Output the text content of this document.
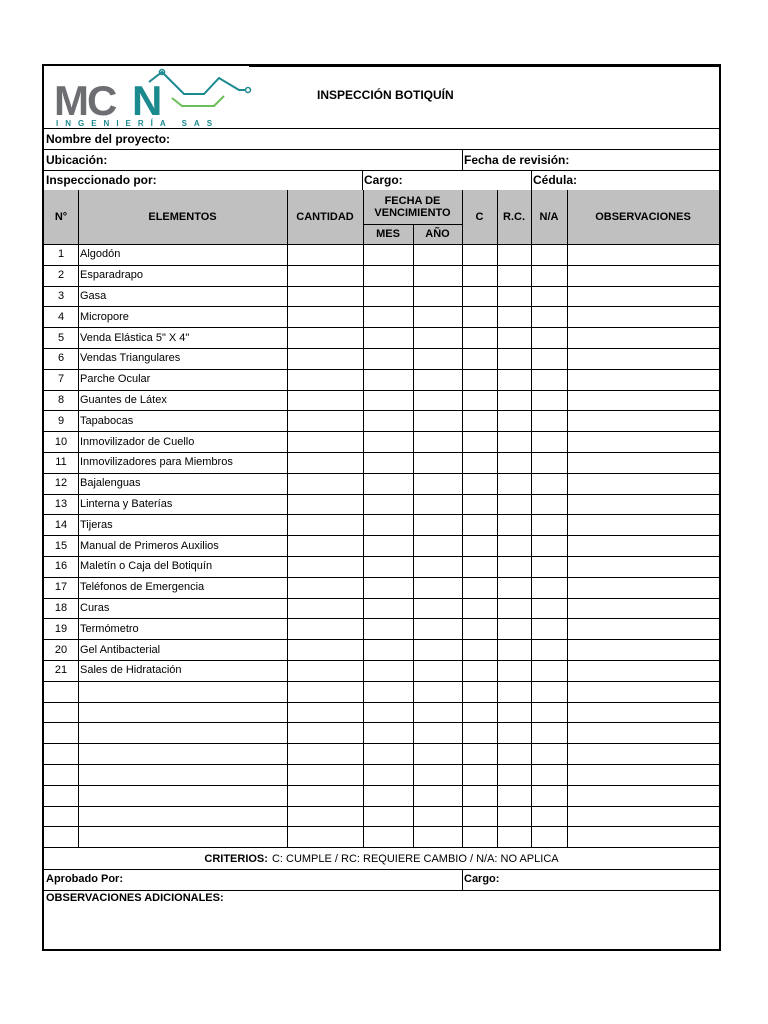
MC N
INGENIERÍA SAS
INSPECCIÓN BOTIQUÍN
Nombre del proyecto:
Ubicación:	Fecha de revisión:
Inspeccionado por:	Cargo:	Cédula:
N°	ELEMENTOS	CANTIDAD
FECHA DE VENCIMIENTO
MES	AÑO
C	R.C.	N/A	OBSERVACIONES
1	Algodón
2	Esparadrapo
3	Gasa
4	Micropore
5	Venda Elástica 5" X 4"
6	Vendas Triangulares
7	Parche Ocular
8	Guantes de Látex
9	Tapabocas
10	Inmovilizador de Cuello
11	Inmovilizadores para Miembros
12	Bajalenguas
13	Linterna y Baterías
14	Tijeras
15	Manual de Primeros Auxilios
16	Maletín o Caja del Botiquín
17	Teléfonos de Emergencia
18	Curas
19	Termómetro
20	Gel Antibacterial
21	Sales de Hidratación
CRITERIOS: C: CUMPLE / RC: REQUIERE CAMBIO / N/A: NO APLICA
Aprobado Por:	Cargo:
OBSERVACIONES ADICIONALES:
